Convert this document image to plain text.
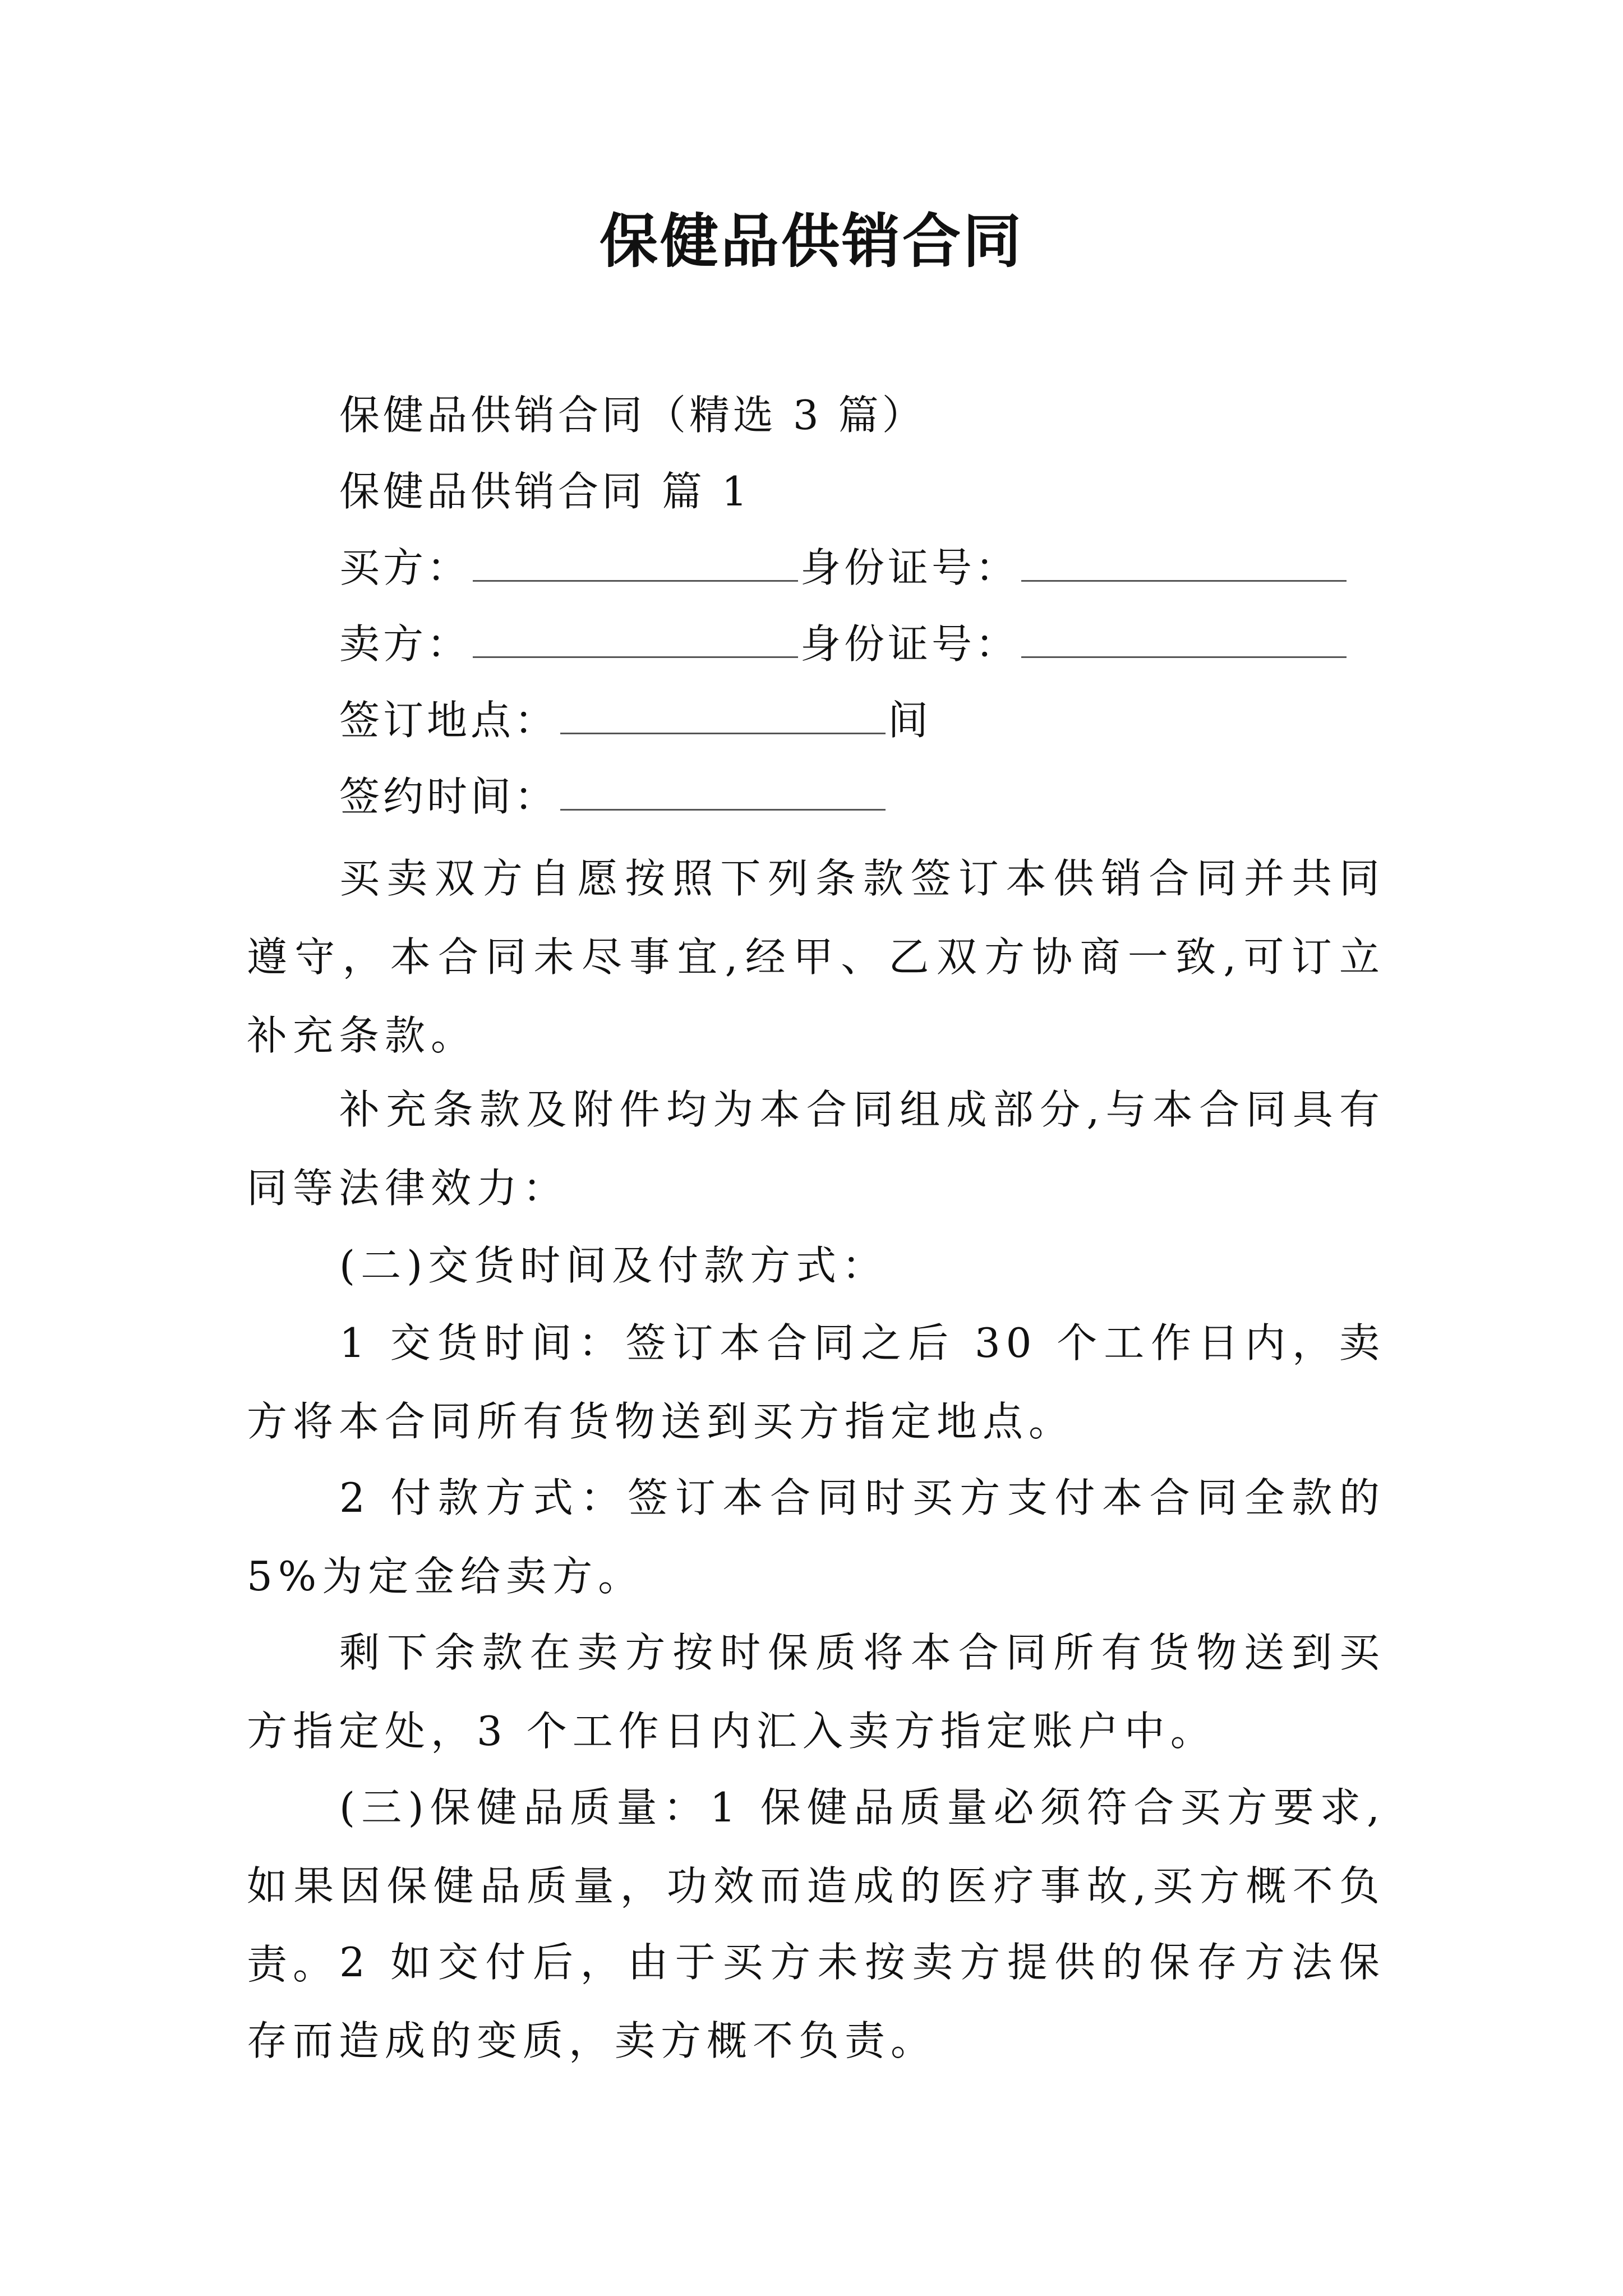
保健品供销合同
保健品供销合同（精选 3 篇）
保健品供销合同 篇 1
买方：	身份证号：
卖方：	身份证号：
签订地点：	间
签约时间：
买卖双方自愿按照下列条款签订本供销合同并共同遵守，本合同未尽事宜,经甲、乙双方协商一致,可订立补充条款。
补充条款及附件均为本合同组成部分,与本合同具有同等法律效力：
(二)交货时间及付款方式：
1 交货时间：签订本合同之后 30 个工作日内，卖方将本合同所有货物送到买方指定地点。
2 付款方式：签订本合同时买方支付本合同全款的 5%为定金给卖方。
剩下余款在卖方按时保质将本合同所有货物送到买方指定处，3 个工作日内汇入卖方指定账户中。
(三)保健品质量：1 保健品质量必须符合买方要求,如果因保健品质量，功效而造成的医疗事故,买方概不负责。 2 如交付后，由于买方未按卖方提供的保存方法保存而造成的变质，卖方概不负责。
